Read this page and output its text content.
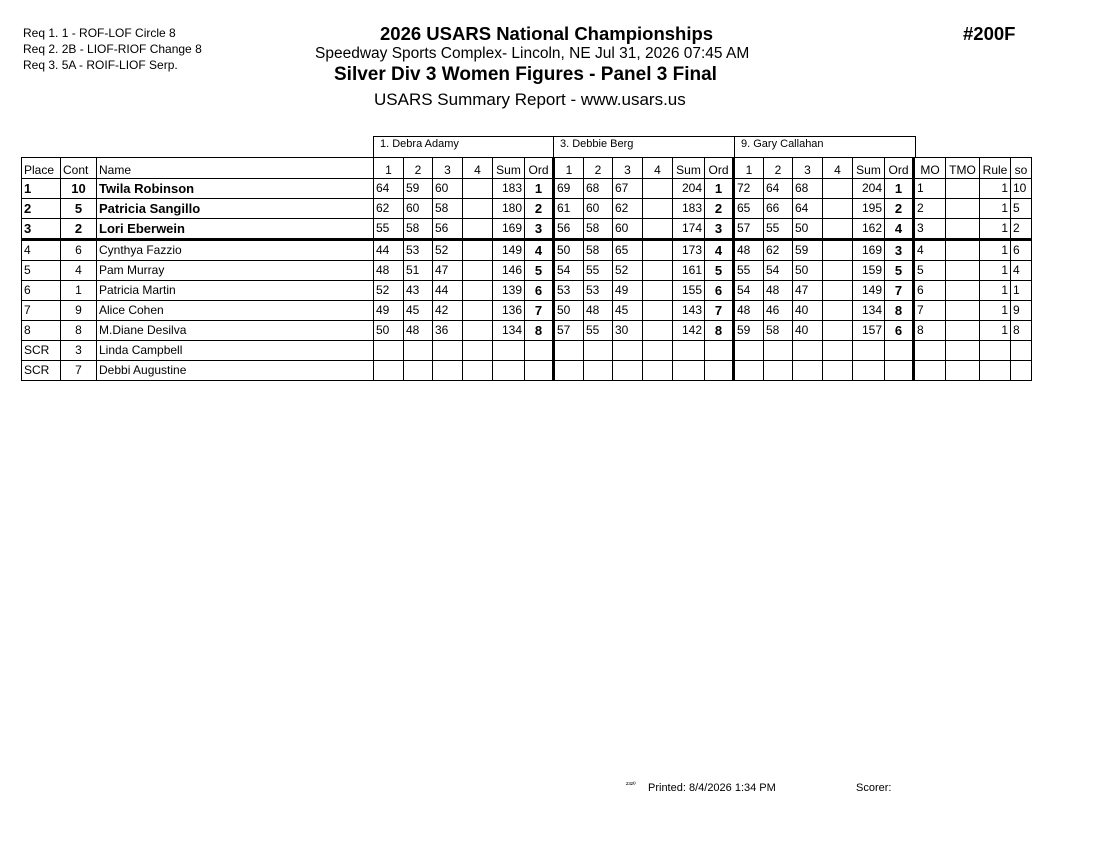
Req 1. 1 - ROF-LOF Circle 8
Req 2. 2B - LIOF-RIOF Change 8
Req 3. 5A - ROIF-LIOF Serp.
2026 USARS National Championships
Speedway Sports Complex- Lincoln, NE Jul 31, 2026 07:45 AM
Silver Div 3 Women Figures - Panel 3 Final
USARS Summary Report - www.usars.us
#200F
1. Debra Adamy	3. Debbie Berg	9. Gary Callahan
Place	Cont	Name	1	2	3	4	Sum	Ord	1	2	3	4	Sum	Ord	1	2	3	4	Sum	Ord	MO	TMO	Rule	so
1	10	Twila Robinson	64	59	60		183	1	69	68	67		204	1	72	64	68		204	1	1		1	10
2	5	Patricia Sangillo	62	60	58		180	2	61	60	62		183	2	65	66	64		195	2	2		1	5
3	2	Lori Eberwein	55	58	56		169	3	56	58	60		174	3	57	55	50		162	4	3		1	2
4	6	Cynthya Fazzio	44	53	52		149	4	50	58	65		173	4	48	62	59		169	3	4		1	6
5	4	Pam Murray	48	51	47		146	5	54	55	52		161	5	55	54	50		159	5	5		1	4
6	1	Patricia Martin	52	43	44		139	6	53	53	49		155	6	54	48	47		149	7	6		1	1
7	9	Alice Cohen	49	45	42		136	7	50	48	45		143	7	48	46	40		134	8	7		1	9
8	8	M.Diane Desilva	50	48	36		134	8	57	55	30		142	8	59	58	40		157	6	8		1	8
SCR	3	Linda Campbell																						
SCR	7	Debbi Augustine																						
²³²º Printed: 8/4/2026 1:34 PM	Scorer:
